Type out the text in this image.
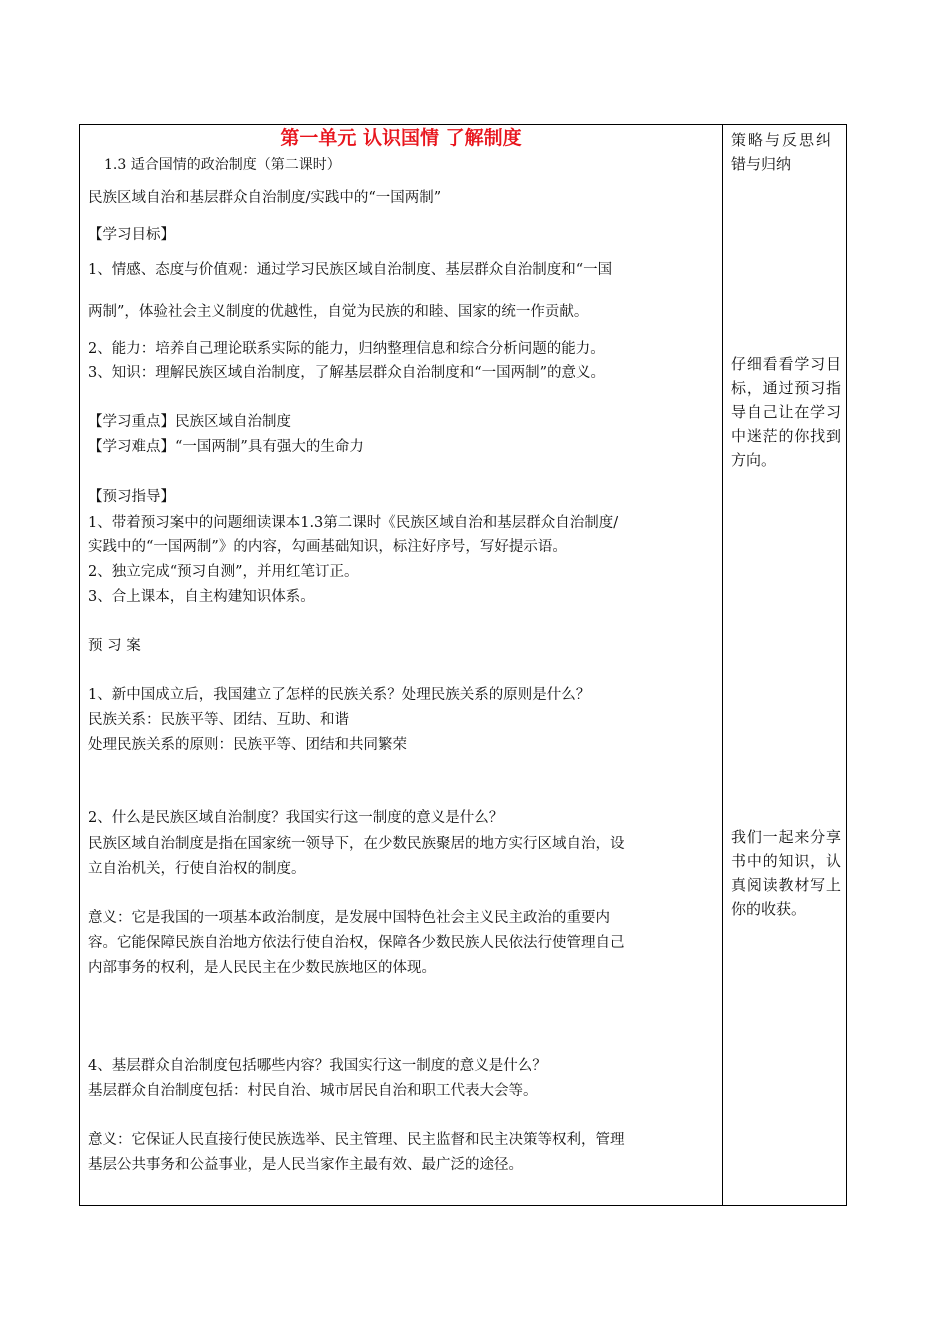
第一单元 认识国情 了解制度
1.3 适合国情的政治制度（第二课时）
民族区域自治和基层群众自治制度/实践中的“一国两制”
【学习目标】
1、情感、态度与价值观：通过学习民族区域自治制度、基层群众自治制度和“一国
两制”，体验社会主义制度的优越性，自觉为民族的和睦、国家的统一作贡献。
2、能力：培养自己理论联系实际的能力，归纳整理信息和综合分析问题的能力。
3、知识：理解民族区域自治制度，了解基层群众自治制度和“一国两制”的意义。
【学习重点】民族区域自治制度
【学习难点】“一国两制”具有强大的生命力
【预习指导】
1、带着预习案中的问题细读课本1.3第二课时《民族区域自治和基层群众自治制度/
实践中的“一国两制”》的内容，勾画基础知识，标注好序号，写好提示语。
2、独立完成“预习自测”，并用红笔订正。
3、合上课本，自主构建知识体系。
预 习 案
1、新中国成立后，我国建立了怎样的民族关系？处理民族关系的原则是什么？
民族关系：民族平等、团结、互助、和谐
处理民族关系的原则：民族平等、团结和共同繁荣
2、什么是民族区域自治制度？我国实行这一制度的意义是什么？
民族区域自治制度是指在国家统一领导下，在少数民族聚居的地方实行区域自治，设
立自治机关，行使自治权的制度。
意义：它是我国的一项基本政治制度，是发展中国特色社会主义民主政治的重要内
容。它能保障民族自治地方依法行使自治权，保障各少数民族人民依法行使管理自己
内部事务的权利，是人民民主在少数民族地区的体现。
4、基层群众自治制度包括哪些内容？我国实行这一制度的意义是什么？
基层群众自治制度包括：村民自治、城市居民自治和职工代表大会等。
意义：它保证人民直接行使民族选举、民主管理、民主监督和民主决策等权利，管理
基层公共事务和公益事业，是人民当家作主最有效、最广泛的途径。
策略与反思纠错与归纳
仔细看看学习目标，通过预习指导自己让在学习中迷茫的你找到方向。
我们一起来分享书中的知识，认真阅读教材写上你的收获。
